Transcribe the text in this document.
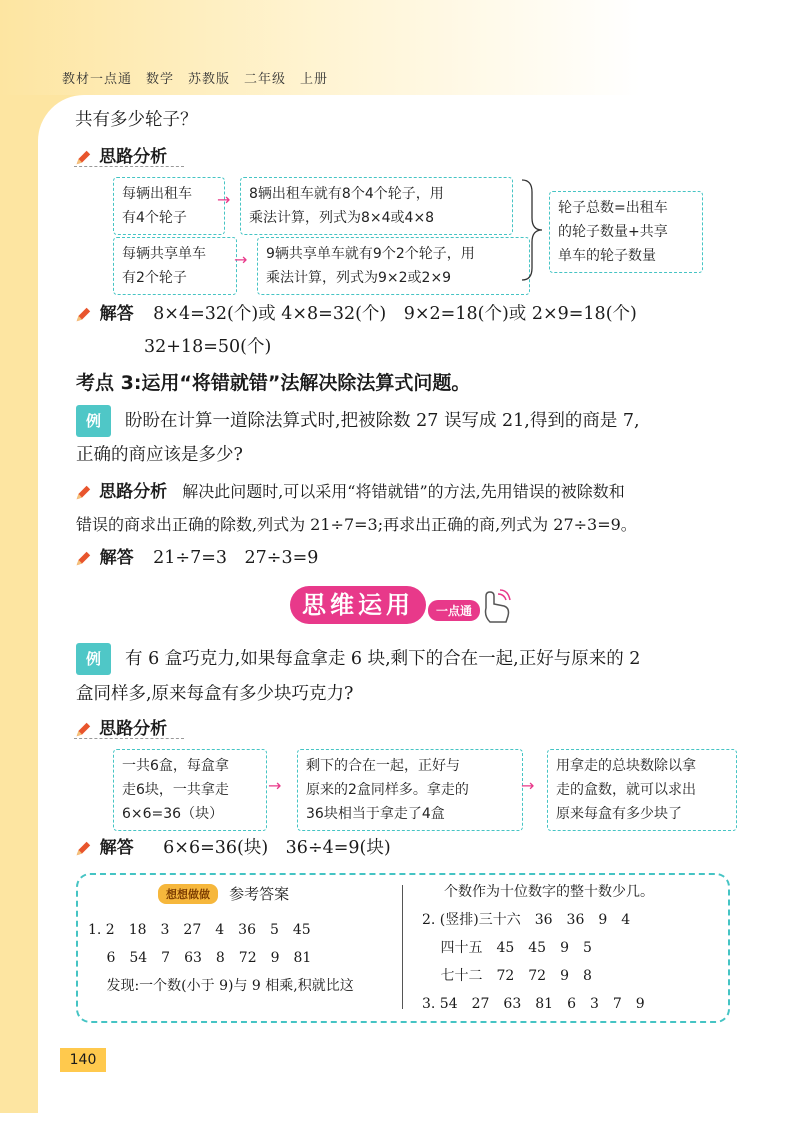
教材一点通　数学　苏教版　二年级　上册
共有多少轮子？
思路分析
每辆出租车
有4个轮子
→	8辆出租车就有8个4个轮子，用
乘法计算，列式为8×4或4×8
每辆共享单车
有2个轮子
→	9辆共享单车就有9个2个轮子，用
乘法计算，列式为9×2或2×9
轮子总数=出租车
的轮子数量+共享
单车的轮子数量
解答 8×4=32(个)或 4×8=32(个)　9×2=18(个)或 2×9=18(个)
32+18=50(个)
考点 3:运用“将错就错”法解决除法算式问题。
例 盼盼在计算一道除法算式时,把被除数 27 误写成 21,得到的商是 7,
正确的商应该是多少?
思路分析 解决此问题时,可以采用“将错就错”的方法,先用错误的被除数和
错误的商求出正确的除数,列式为 21÷7=3;再求出正确的商,列式为 27÷3=9。
解答 21÷7=3　27÷3=9
思维运用	一点通
例 有 6 盒巧克力,如果每盒拿走 6 块,剩下的合在一起,正好与原来的 2
盒同样多,原来每盒有多少块巧克力?
思路分析
一共6盒，每盒拿
走6块，一共拿走
6×6=36（块）
→
剩下的合在一起，正好与
原来的2盒同样多。拿走的
36块相当于拿走了4盒
→
用拿走的总块数除以拿
走的盒数，就可以求出
原来每盒有多少块了
解答 6×6=36(块)　36÷4=9(块)
想想做做 参考答案
1. 2　18　3　27　4　36　5　45
　 6　54　7　63　8　72　9　81
　 发现:一个数(小于 9)与 9 相乘,积就比这
个数作为十位数字的整十数少几。
2. (竖排)三十六　36　36　9　4
　 四十五　45　45　9　5
　 七十二　72　72　9　8
3. 54　27　63　81　6　3　7　9
140
